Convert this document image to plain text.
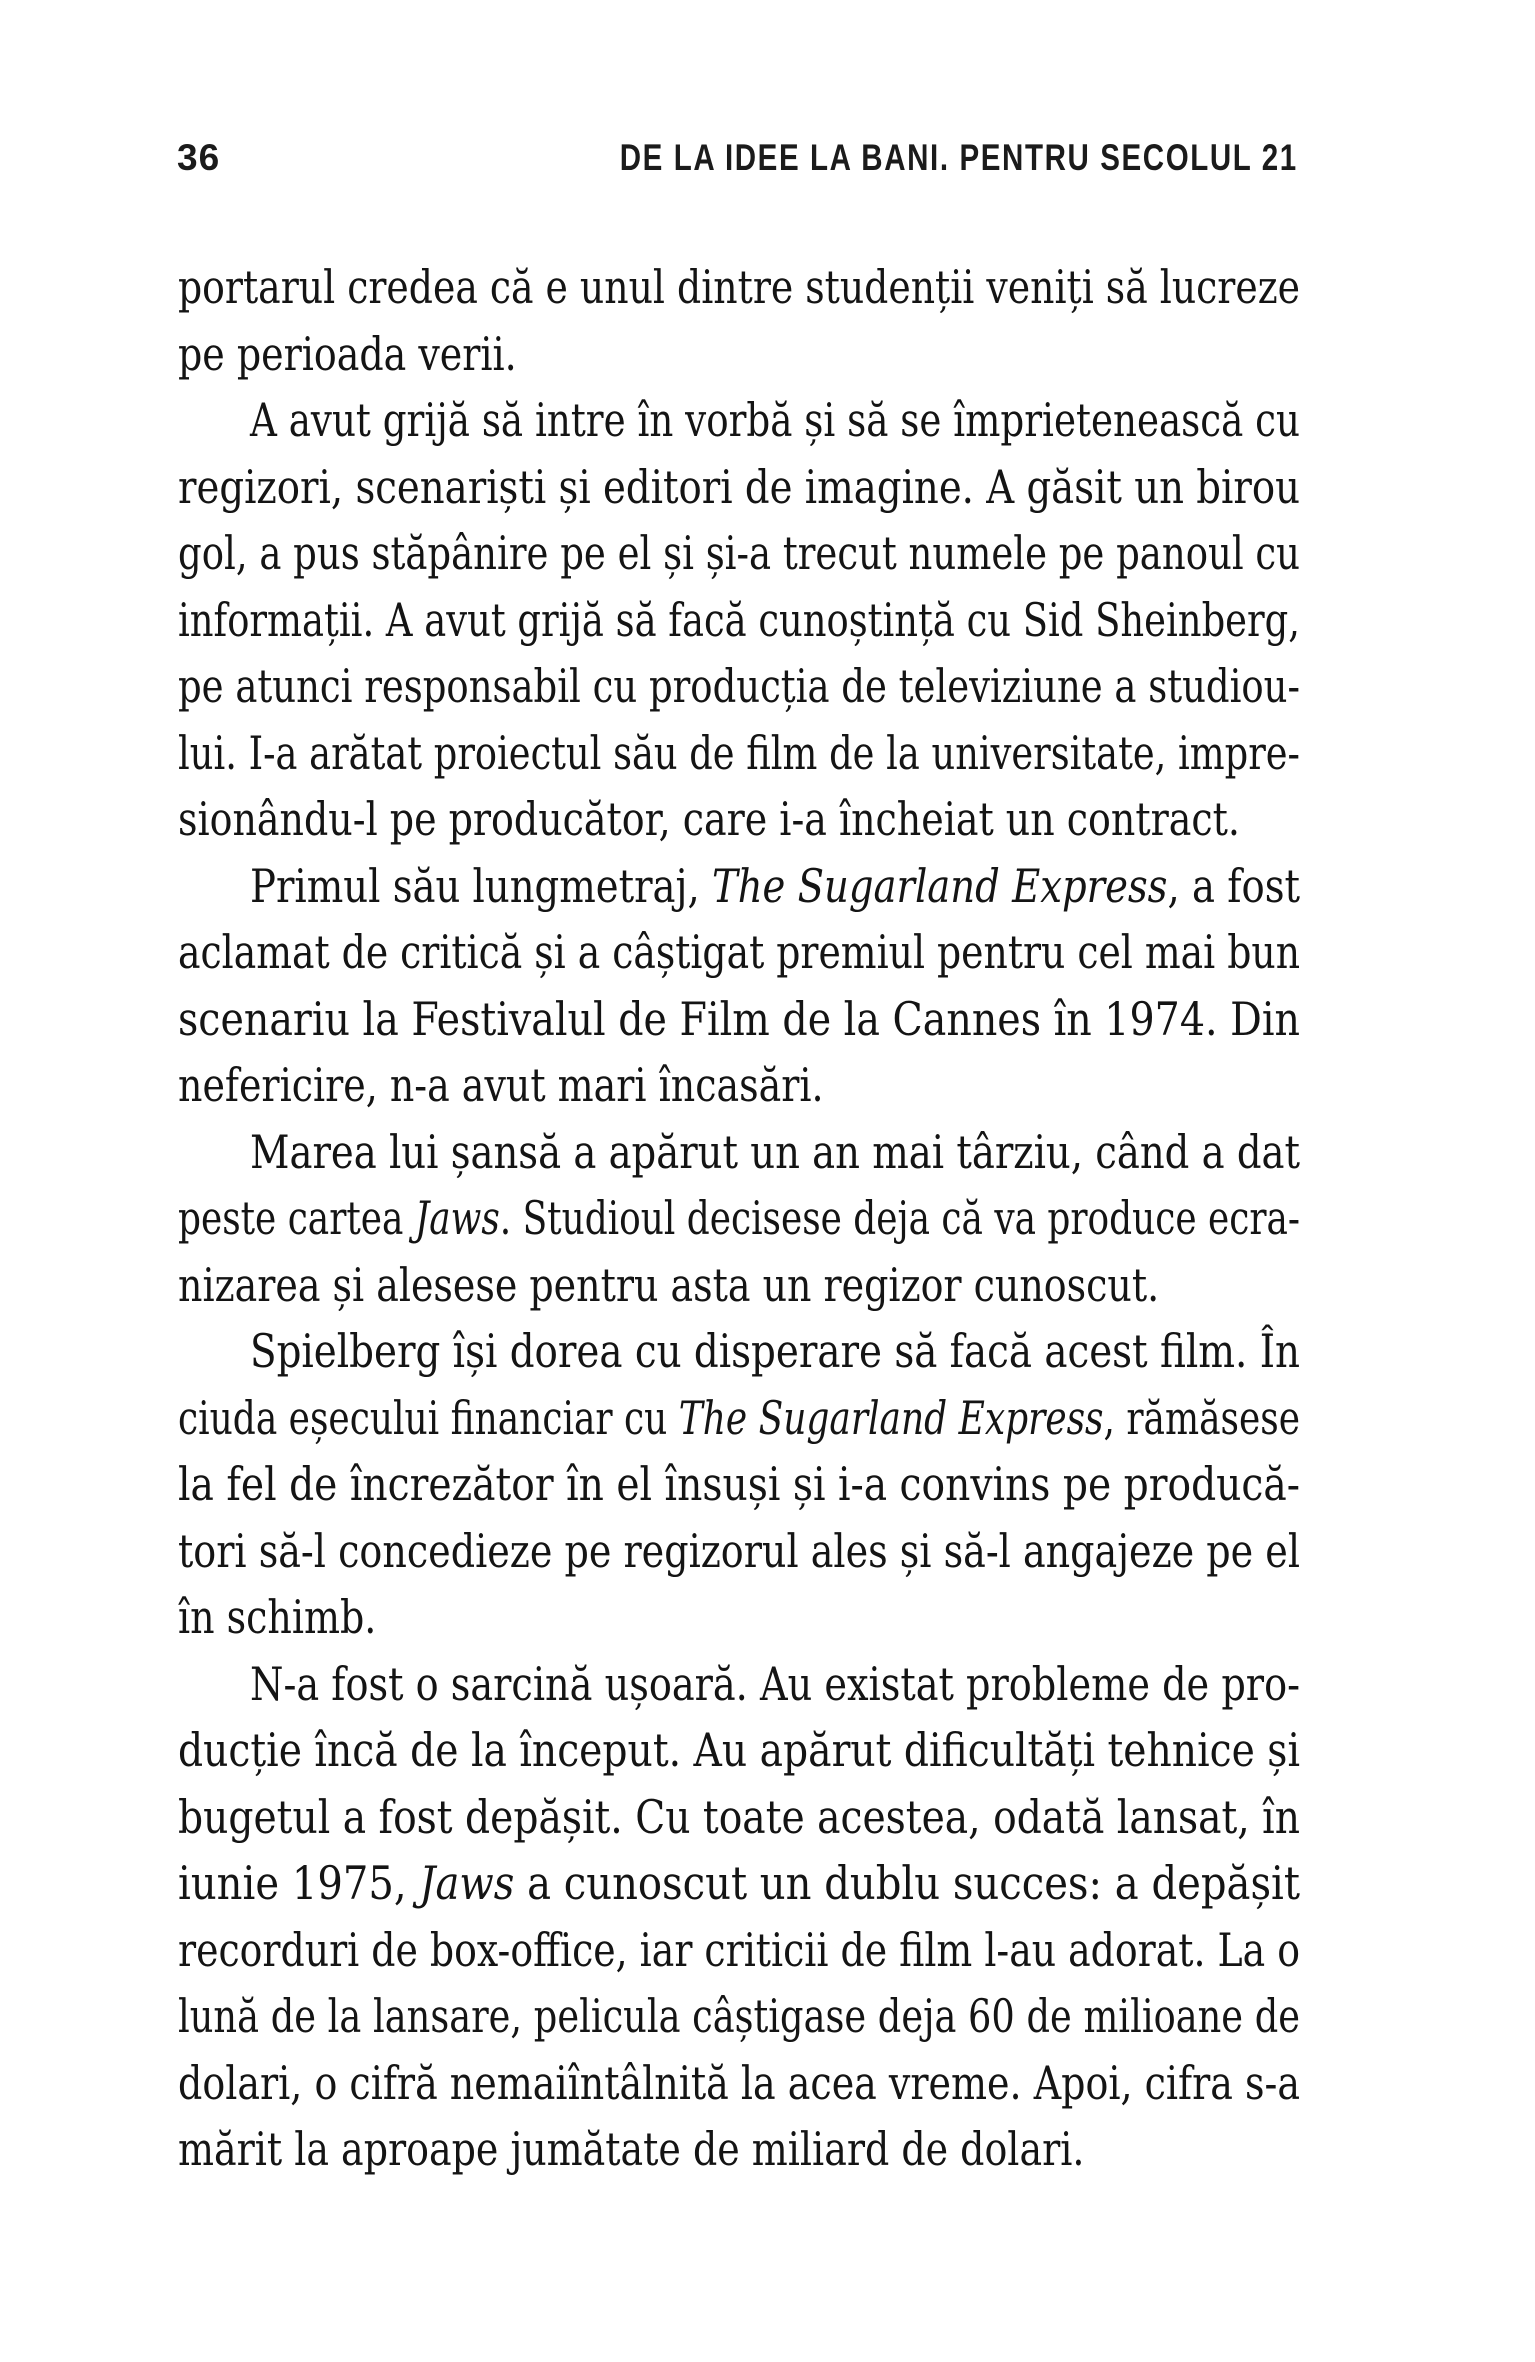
36	DE LA IDEE LA BANI. PENTRU SECOLUL 21
portarul credea că e unul dintre studenții veniți să lucreze
pe perioada verii.
A avut grijă să intre în vorbă și să se împrietenească cu
regizori, scenariști și editori de imagine. A găsit un birou
gol, a pus stăpânire pe el și și-a trecut numele pe panoul cu
informații. A avut grijă să facă cunoștință cu Sid Sheinberg,
pe atunci responsabil cu producția de televiziune a studiou-
lui. I-a arătat proiectul său de film de la universitate, impre-
sionându-l pe producător, care i-a încheiat un contract.
Primul său lungmetraj, The Sugarland Express, a fost
aclamat de critică și a câștigat premiul pentru cel mai bun
scenariu la Festivalul de Film de la Cannes în 1974. Din
nefericire, n-a avut mari încasări.
Marea lui șansă a apărut un an mai târziu, când a dat
peste cartea Jaws. Studioul decisese deja că va produce ecra-
nizarea și alesese pentru asta un regizor cunoscut.
Spielberg își dorea cu disperare să facă acest film. În
ciuda eșecului financiar cu The Sugarland Express, rămăsese
la fel de încrezător în el însuși și i-a convins pe producă-
tori să-l concedieze pe regizorul ales și să-l angajeze pe el
în schimb.
N-a fost o sarcină ușoară. Au existat probleme de pro-
ducție încă de la început. Au apărut dificultăți tehnice și
bugetul a fost depășit. Cu toate acestea, odată lansat, în
iunie 1975, Jaws a cunoscut un dublu succes: a depășit
recorduri de box-office, iar criticii de film l-au adorat. La o
lună de la lansare, pelicula câștigase deja 60 de milioane de
dolari, o cifră nemaiîntâlnită la acea vreme. Apoi, cifra s-a
mărit la aproape jumătate de miliard de dolari.
